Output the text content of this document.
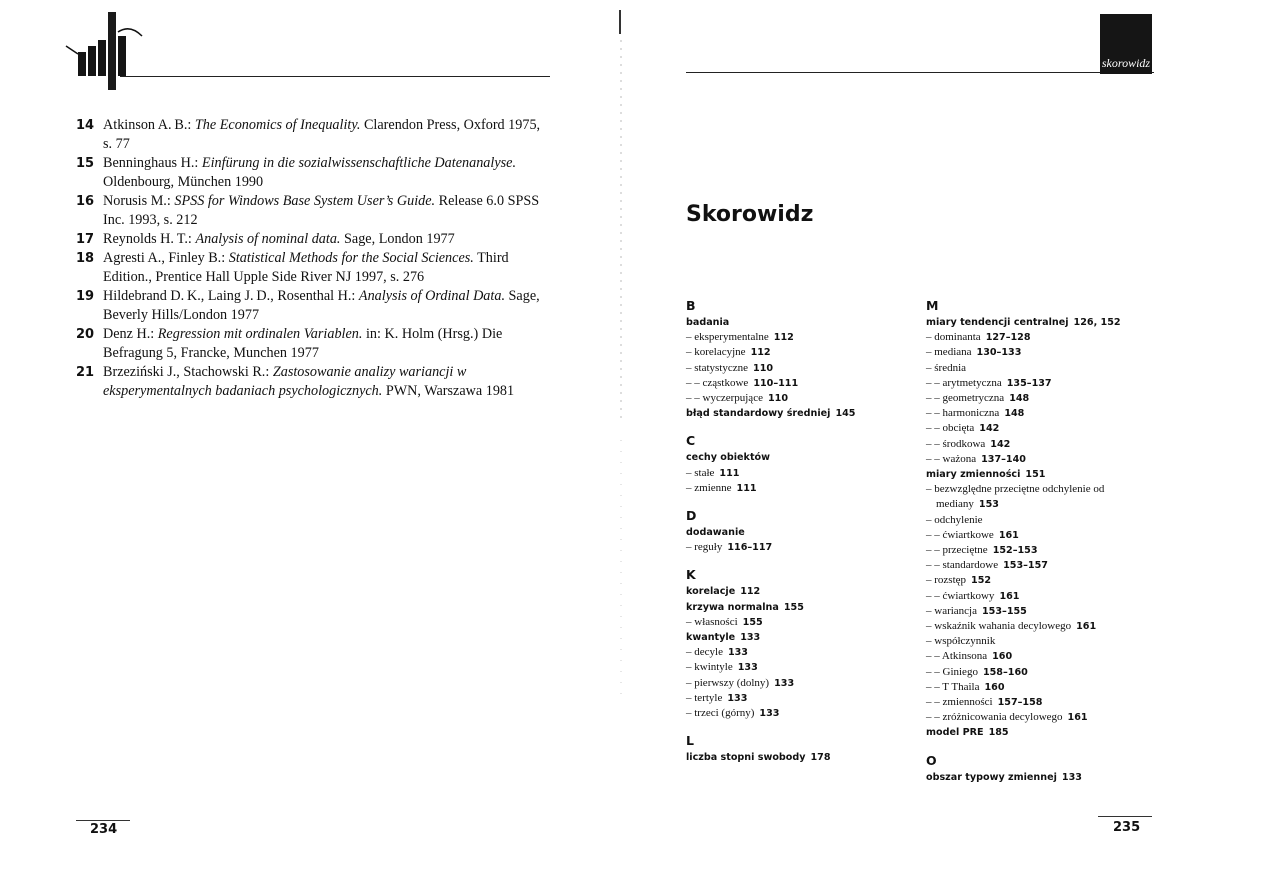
14 Atkinson A. B.: The Economics of Inequality. Clarendon Press, Oxford 1975, s. 77
15 Benninghaus H.: Einfürung in die sozialwissenschaftliche Datenanalyse. Oldenbourg, München 1990
16 Norusis M.: SPSS for Windows Base System User’s Guide. Release 6.0 SPSS Inc. 1993, s. 212
17 Reynolds H. T.: Analysis of nominal data. Sage, London 1977
18 Agresti A., Finley B.: Statistical Methods for the Social Sciences. Third Edition., Prentice Hall Upple Side River NJ 1997, s. 276
19 Hildebrand D. K., Laing J. D., Rosenthal H.: Analysis of Ordinal Data. Sage, Beverly Hills/London 1977
20 Denz H.: Regression mit ordinalen Variablen. in: K. Holm (Hrsg.) Die Befragung 5, Francke, Munchen 1977
21 Brzeziński J., Stachowski R.: Zastosowanie analizy wariancji w eksperymentalnych badaniach psychologicznych. PWN, Warszawa 1981
234
skorowidz
Skorowidz
B
badania
– eksperymentalne 112
– korelacyjne 112
– statystyczne 110
– – cząstkowe 110–111
– – wyczerpujące 110
błąd standardowy średniej 145
C
cechy obiektów
– stałe 111
– zmienne 111
D
dodawanie
– reguły 116–117
K
korelacje 112
krzywa normalna 155
– własności 155
kwantyle 133
– decyle 133
– kwintyle 133
– pierwszy (dolny) 133
– tertyle 133
– trzeci (górny) 133
L
liczba stopni swobody 178
M
miary tendencji centralnej 126, 152
– dominanta 127–128
– mediana 130–133
– średnia
– – arytmetyczna 135–137
– – geometryczna 148
– – harmoniczna 148
– – obcięta 142
– – środkowa 142
– – ważona 137–140
miary zmienności 151
– bezwzględne przeciętne odchylenie od mediany 153
– odchylenie
– – ćwiartkowe 161
– – przeciętne 152–153
– – standardowe 153–157
– rozstęp 152
– – ćwiartkowy 161
– wariancja 153–155
– wskaźnik wahania decylowego 161
– współczynnik
– – Atkinsona 160
– – Giniego 158–160
– – T Thaila 160
– – zmienności 157–158
– – zróżnicowania decylowego 161
model PRE 185
O
obszar typowy zmiennej 133
235
